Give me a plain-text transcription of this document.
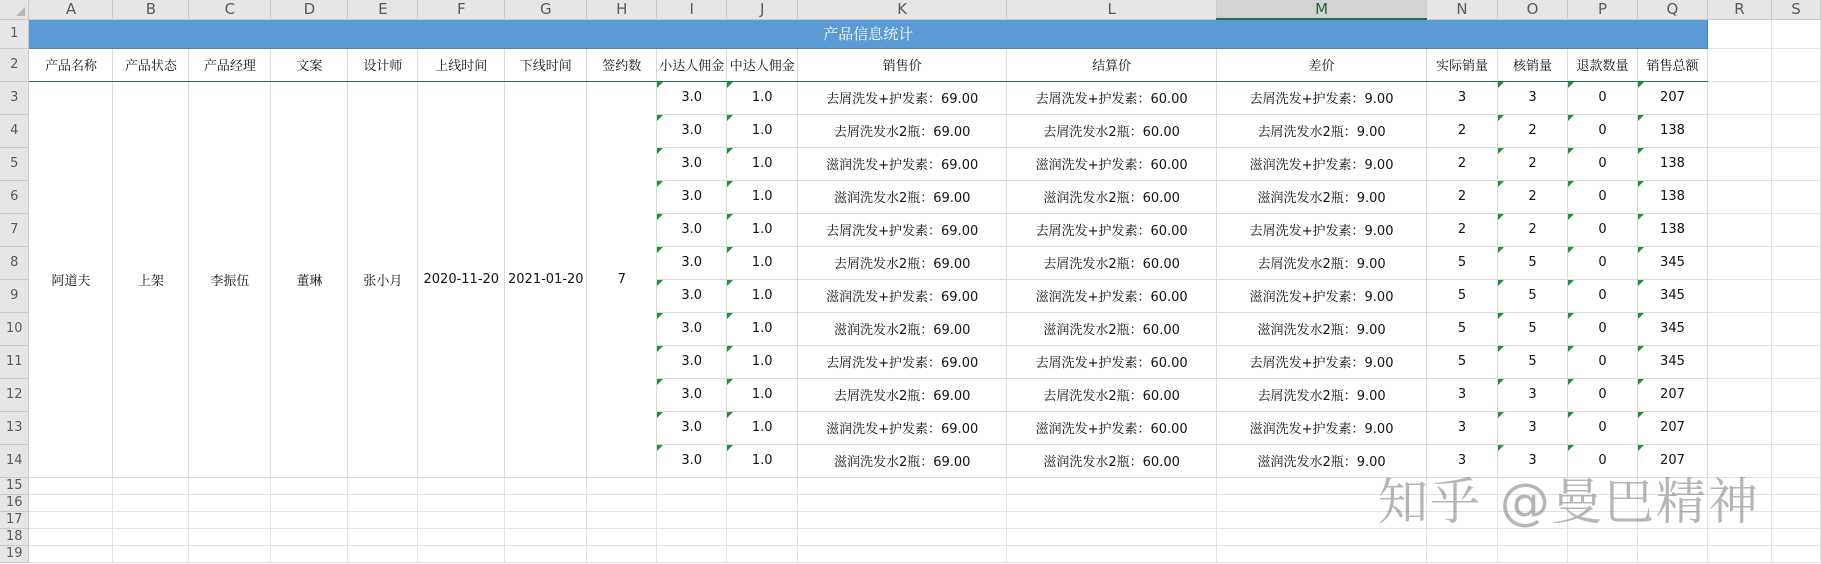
	A	B	C	D	E	F	G	H	I	J	K	L	M	N	O	P	Q	R	S
1	产品信息统计																		
2	产品名称	产品状态	产品经理	文案	设计师	上线时间	下线时间	签约数	小达人佣金	中达人佣金	销售价	结算价	差价	实际销量	核销量	退款数量	销售总额		
3	阿道夫	上架	李振伍	董琳	张小月	2020-11-20	2021-01-20	7	3.0	1.0	去屑洗发+护发素：69.00	去屑洗发+护发素：60.00	去屑洗发+护发素：9.00	3	3	0	207		
4									3.0	1.0	去屑洗发水2瓶：69.00	去屑洗发水2瓶：60.00	去屑洗发水2瓶：9.00	2	2	0	138		
5									3.0	1.0	滋润洗发+护发素：69.00	滋润洗发+护发素：60.00	滋润洗发+护发素：9.00	2	2	0	138		
6									3.0	1.0	滋润洗发水2瓶：69.00	滋润洗发水2瓶：60.00	滋润洗发水2瓶：9.00	2	2	0	138		
7									3.0	1.0	去屑洗发+护发素：69.00	去屑洗发+护发素：60.00	去屑洗发+护发素：9.00	2	2	0	138		
8									3.0	1.0	去屑洗发水2瓶：69.00	去屑洗发水2瓶：60.00	去屑洗发水2瓶：9.00	5	5	0	345		
9									3.0	1.0	滋润洗发+护发素：69.00	滋润洗发+护发素：60.00	滋润洗发+护发素：9.00	5	5	0	345		
10									3.0	1.0	滋润洗发水2瓶：69.00	滋润洗发水2瓶：60.00	滋润洗发水2瓶：9.00	5	5	0	345		
11									3.0	1.0	去屑洗发+护发素：69.00	去屑洗发+护发素：60.00	去屑洗发+护发素：9.00	5	5	0	345		
12									3.0	1.0	去屑洗发水2瓶：69.00	去屑洗发水2瓶：60.00	去屑洗发水2瓶：9.00	3	3	0	207		
13									3.0	1.0	滋润洗发+护发素：69.00	滋润洗发+护发素：60.00	滋润洗发+护发素：9.00	3	3	0	207		
14									3.0	1.0	滋润洗发水2瓶：69.00	滋润洗发水2瓶：60.00	滋润洗发水2瓶：9.00	3	3	0	207		
15																			
16																			
17																			
18																			
19																			
知乎 @曼巴精神
